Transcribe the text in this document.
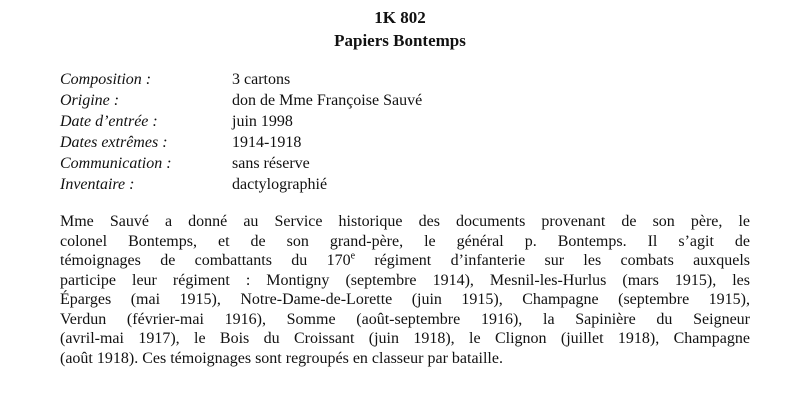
1K 802
Papiers Bontemps
Composition :	3 cartons
Origine :	don de Mme Françoise Sauvé
Date d’entrée :	juin 1998
Dates extrêmes :	1914-1918
Communication :	sans réserve
Inventaire :	dactylographié
Mme Sauvé a donné au Service historique des documents provenant de son père, le
colonel Bontemps, et de son grand-père, le général p. Bontemps. Il s’agit de
témoignages de combattants du 170e régiment d’infanterie sur les combats auxquels
participe leur régiment : Montigny (septembre 1914), Mesnil-les-Hurlus (mars 1915), les
Éparges (mai 1915), Notre-Dame-de-Lorette (juin 1915), Champagne (septembre 1915),
Verdun (février-mai 1916), Somme (août-septembre 1916), la Sapinière du Seigneur
(avril-mai 1917), le Bois du Croissant (juin 1918), le Clignon (juillet 1918), Champagne
(août 1918). Ces témoignages sont regroupés en classeur par bataille.
